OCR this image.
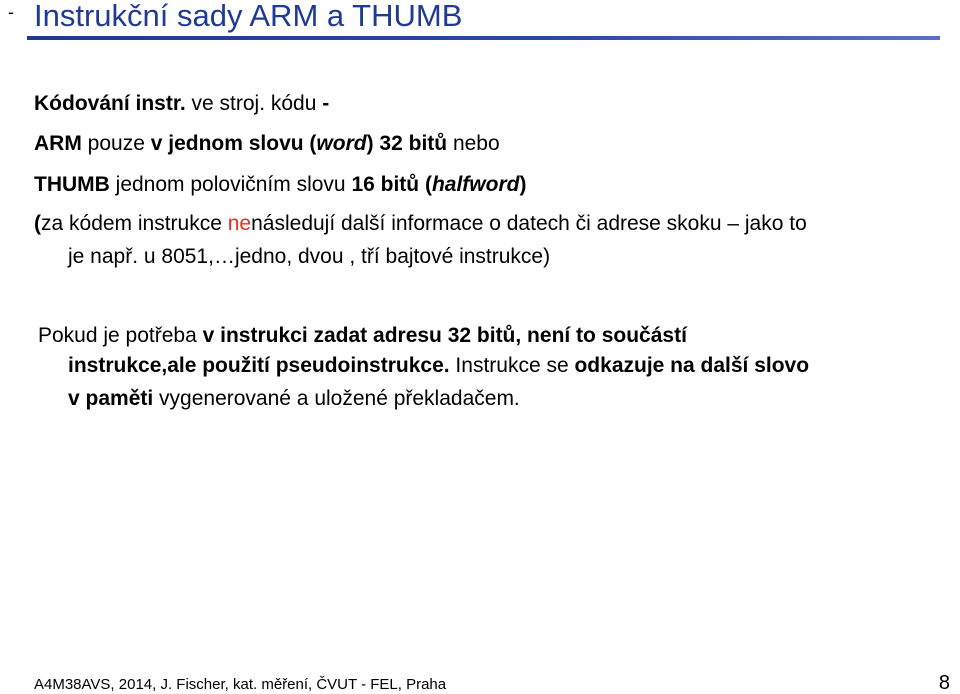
- Instrukční sady ARM a THUMB
Kódování instr. ve stroj. kódu -
ARM pouze v jednom slovu (word) 32 bitů nebo
THUMB jednom polovičním slovu 16 bitů (halfword)
(za kódem instrukce nenásledují další informace o datech či adrese skoku – jako to
je např. u 8051,…jedno, dvou , tří bajtové instrukce)
Pokud je potřeba v instrukci zadat adresu 32 bitů, není to součástí
instrukce,ale použití pseudoinstrukce. Instrukce se odkazuje na další slovo
v paměti vygenerované a uložené překladačem.
A4M38AVS, 2014, J. Fischer, kat. měření, ČVUT - FEL, Praha	8
